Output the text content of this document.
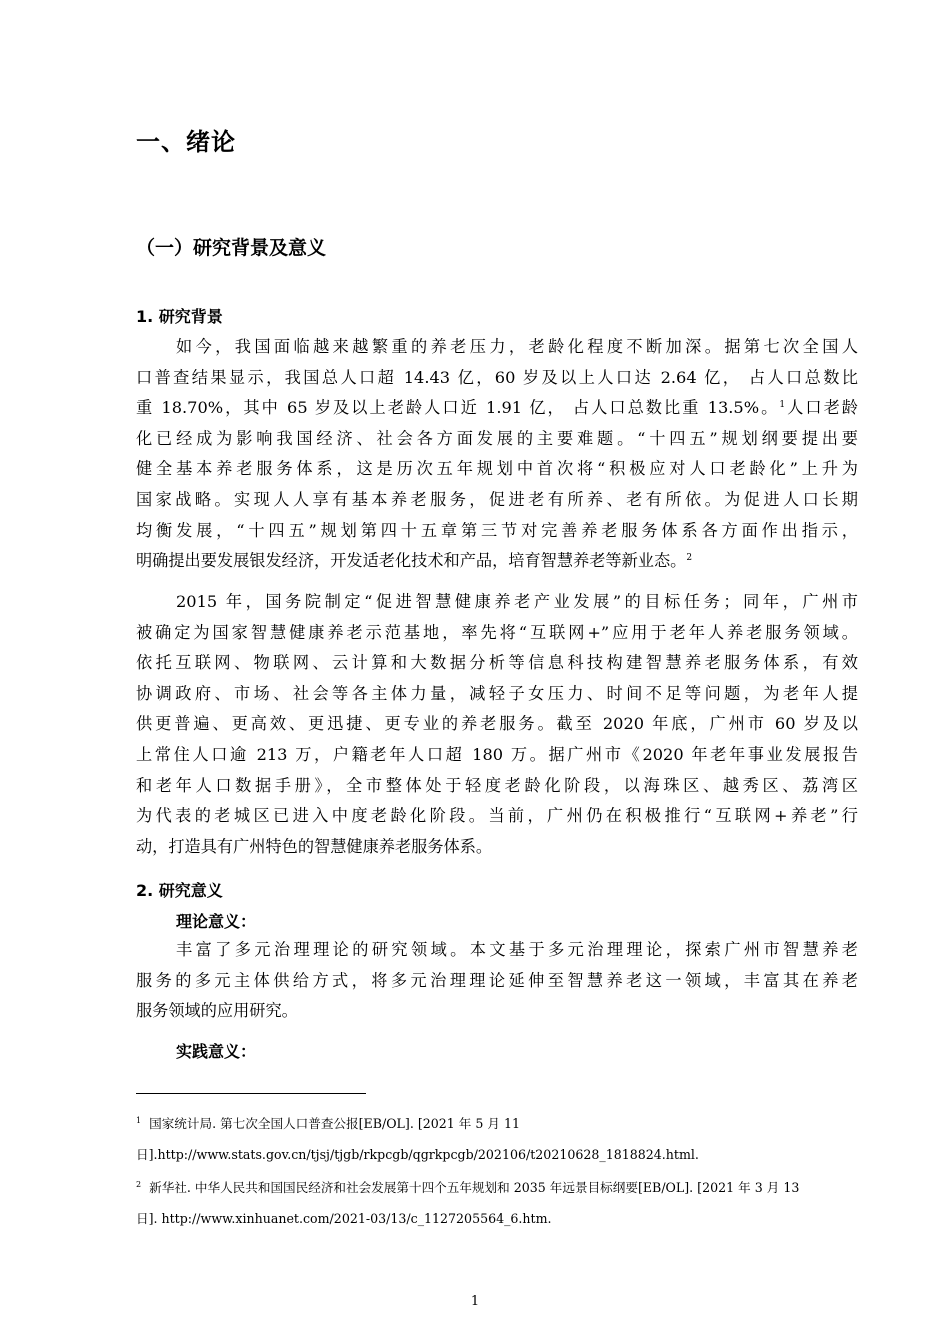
一、绪论
（一）研究背景及意义
1. 研究背景
如今，我国面临越来越繁重的养老压力，老龄化程度不断加深。据第七次全国人
口普查结果显示，我国总人口超 14.43 亿，60 岁及以上人口达 2.64 亿， 占人口总数比
重 18.70%，其中 65 岁及以上老龄人口近 1.91 亿， 占人口总数比重 13.5%。$^1$人口老龄
化已经成为影响我国经济、社会各方面发展的主要难题。“十四五”规划纲要提出要
健全基本养老服务体系，这是历次五年规划中首次将“积极应对人口老龄化”上升为
国家战略。实现人人享有基本养老服务，促进老有所养、老有所依。为促进人口长期
均衡发展，“十四五”规划第四十五章第三节对完善养老服务体系各方面作出指示，
明确提出要发展银发经济，开发适老化技术和产品，培育智慧养老等新业态。$^2$
2015 年，国务院制定“促进智慧健康养老产业发展”的目标任务；同年，广州市
被确定为国家智慧健康养老示范基地，率先将“互联网+”应用于老年人养老服务领域。
依托互联网、物联网、云计算和大数据分析等信息科技构建智慧养老服务体系，有效
协调政府、市场、社会等各主体力量，减轻子女压力、时间不足等问题，为老年人提
供更普遍、更高效、更迅捷、更专业的养老服务。截至 2020 年底，广州市 60 岁及以
上常住人口逾 213 万，户籍老年人口超 180 万。据广州市《2020 年老年事业发展报告
和老年人口数据手册》，全市整体处于轻度老龄化阶段，以海珠区、越秀区、荔湾区
为代表的老城区已进入中度老龄化阶段。当前，广州仍在积极推行“互联网+养老”行
动，打造具有广州特色的智慧健康养老服务体系。
2. 研究意义
理论意义：
丰富了多元治理理论的研究领域。本文基于多元治理理论，探索广州市智慧养老
服务的多元主体供给方式，将多元治理理论延伸至智慧养老这一领域，丰富其在养老
服务领域的应用研究。
实践意义：
$^1$ 国家统计局. 第七次全国人口普查公报[EB/OL]. [2021 年 5 月 11
日].http://www.stats.gov.cn/tjsj/tjgb/rkpcgb/qgrkpcgb/202106/t20210628_1818824.html.
$^2$ 新华社. 中华人民共和国国民经济和社会发展第十四个五年规划和 2035 年远景目标纲要[EB/OL]. [2021 年 3 月 13
日]. http://www.xinhuanet.com/2021-03/13/c_1127205564_6.htm.
1
